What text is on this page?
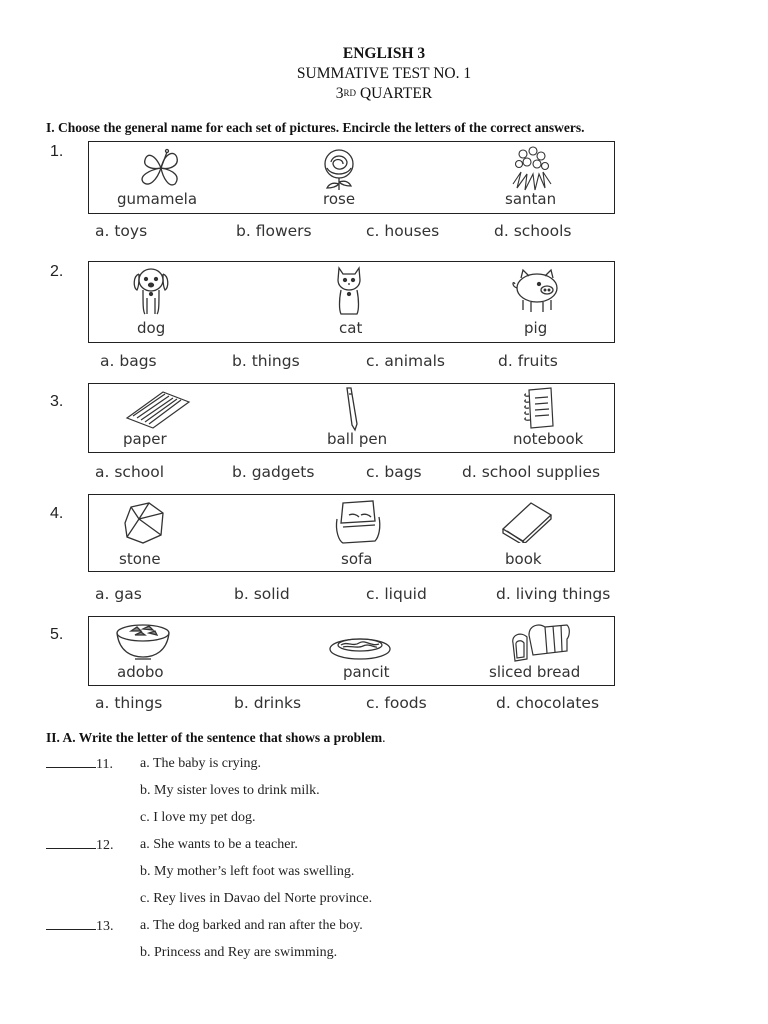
ENGLISH 3
SUMMATIVE TEST NO. 1
3RD QUARTER
I. Choose the general name for each set of pictures. Encircle the letters of the correct answers.
1.
gumamela	rose	santan
a. toys	b. flowers	c. houses	d. schools
2.
dog	cat	pig
a. bags	b. things	c. animals	d. fruits
3.
paper	ball pen	notebook
a. school	b. gadgets	c. bags	d. school supplies
4.
stone	sofa	book
a. gas	b. solid	c. liquid	d. living things
5.
adobo	pancit	sliced bread
a. things	b. drinks	c. foods	d. chocolates
II. A. Write the letter of the sentence that shows a problem.
11. a. The baby is crying.
b. My sister loves to drink milk.
c. I love my pet dog.
12. a. She wants to be a teacher.
b. My mother’s left foot was swelling.
c. Rey lives in Davao del Norte province.
13. a. The dog barked and ran after the boy.
b. Princess and Rey are swimming.
